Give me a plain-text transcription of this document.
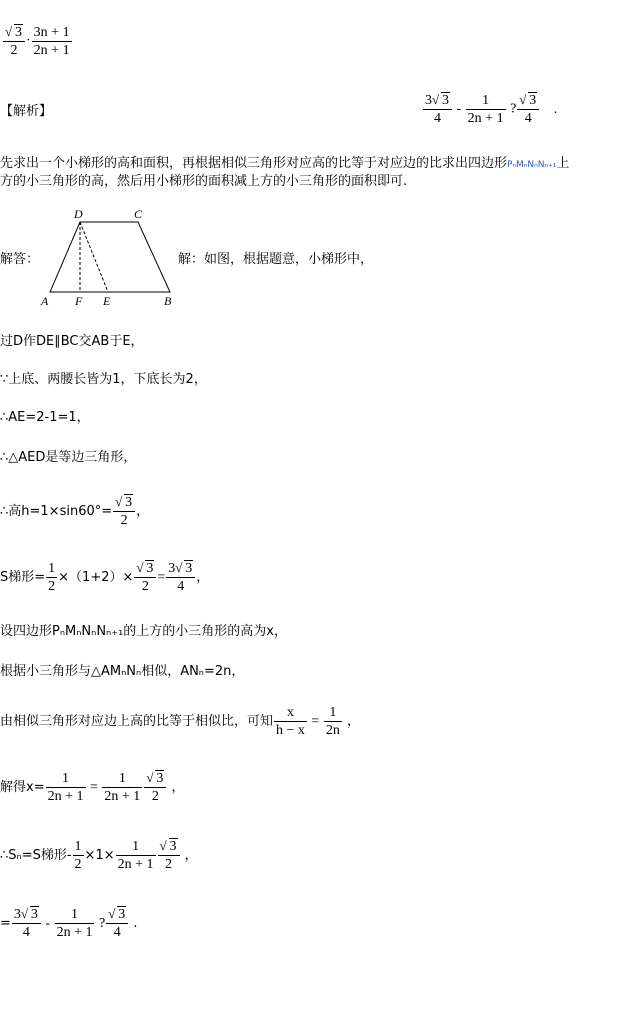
√ $\frac{3}{2} \cdot \frac{3n + 1}{2n + 1}$
【解析】	$\frac{3 √ 3}{4} - \frac{1}{2n + 1}$ ? √ $\frac{3}{4}$ .
先求出一个小梯形的高和面积，再根据相似三角形对应高的比等于对应边的比求出四边形PₙMₙNₙNₙ₊₁上
方的小三角形的高，然后用小梯形的面积减上方的小三角形的面积即可.
解答：
D	C
A F E	B
解：如图，根据题意，小梯形中，
过D作DE∥BC交AB于E，
∵上底、两腰长皆为1，下底长为2，
∴AE=2-1=1，
∴△AED是等边三角形，
∴高h=1×sin60°= √ $\frac{3}{2}$ ，
S梯形= $\frac{1}{2} \times(1+2)\times$ √ $\frac{3}{2} = \frac{3 √ 3}{4}$ ，
设四边形PₙMₙNₙNₙ₊₁的上方的小三角形的高为x，
根据小三角形与△AMₙNₙ相似，ANₙ=2n，
由相似三角形对应边上高的比等于相似比，可知 $\frac{x}{h - x} = \frac{1}{2n}$ ，
解得$x= \frac{1}{2n + 1} = \frac{1}{2n + 1}$ √ $\frac{3}{2}$ ，
∴Sₙ=S梯形- $\frac{1}{2} \times 1\times \frac{1}{2n + 1}$ √ $\frac{3}{2}$ ，
= $\frac{3 √ 3}{4} - \frac{1}{2n + 1}$ ? √ $\frac{3}{4}$ .
